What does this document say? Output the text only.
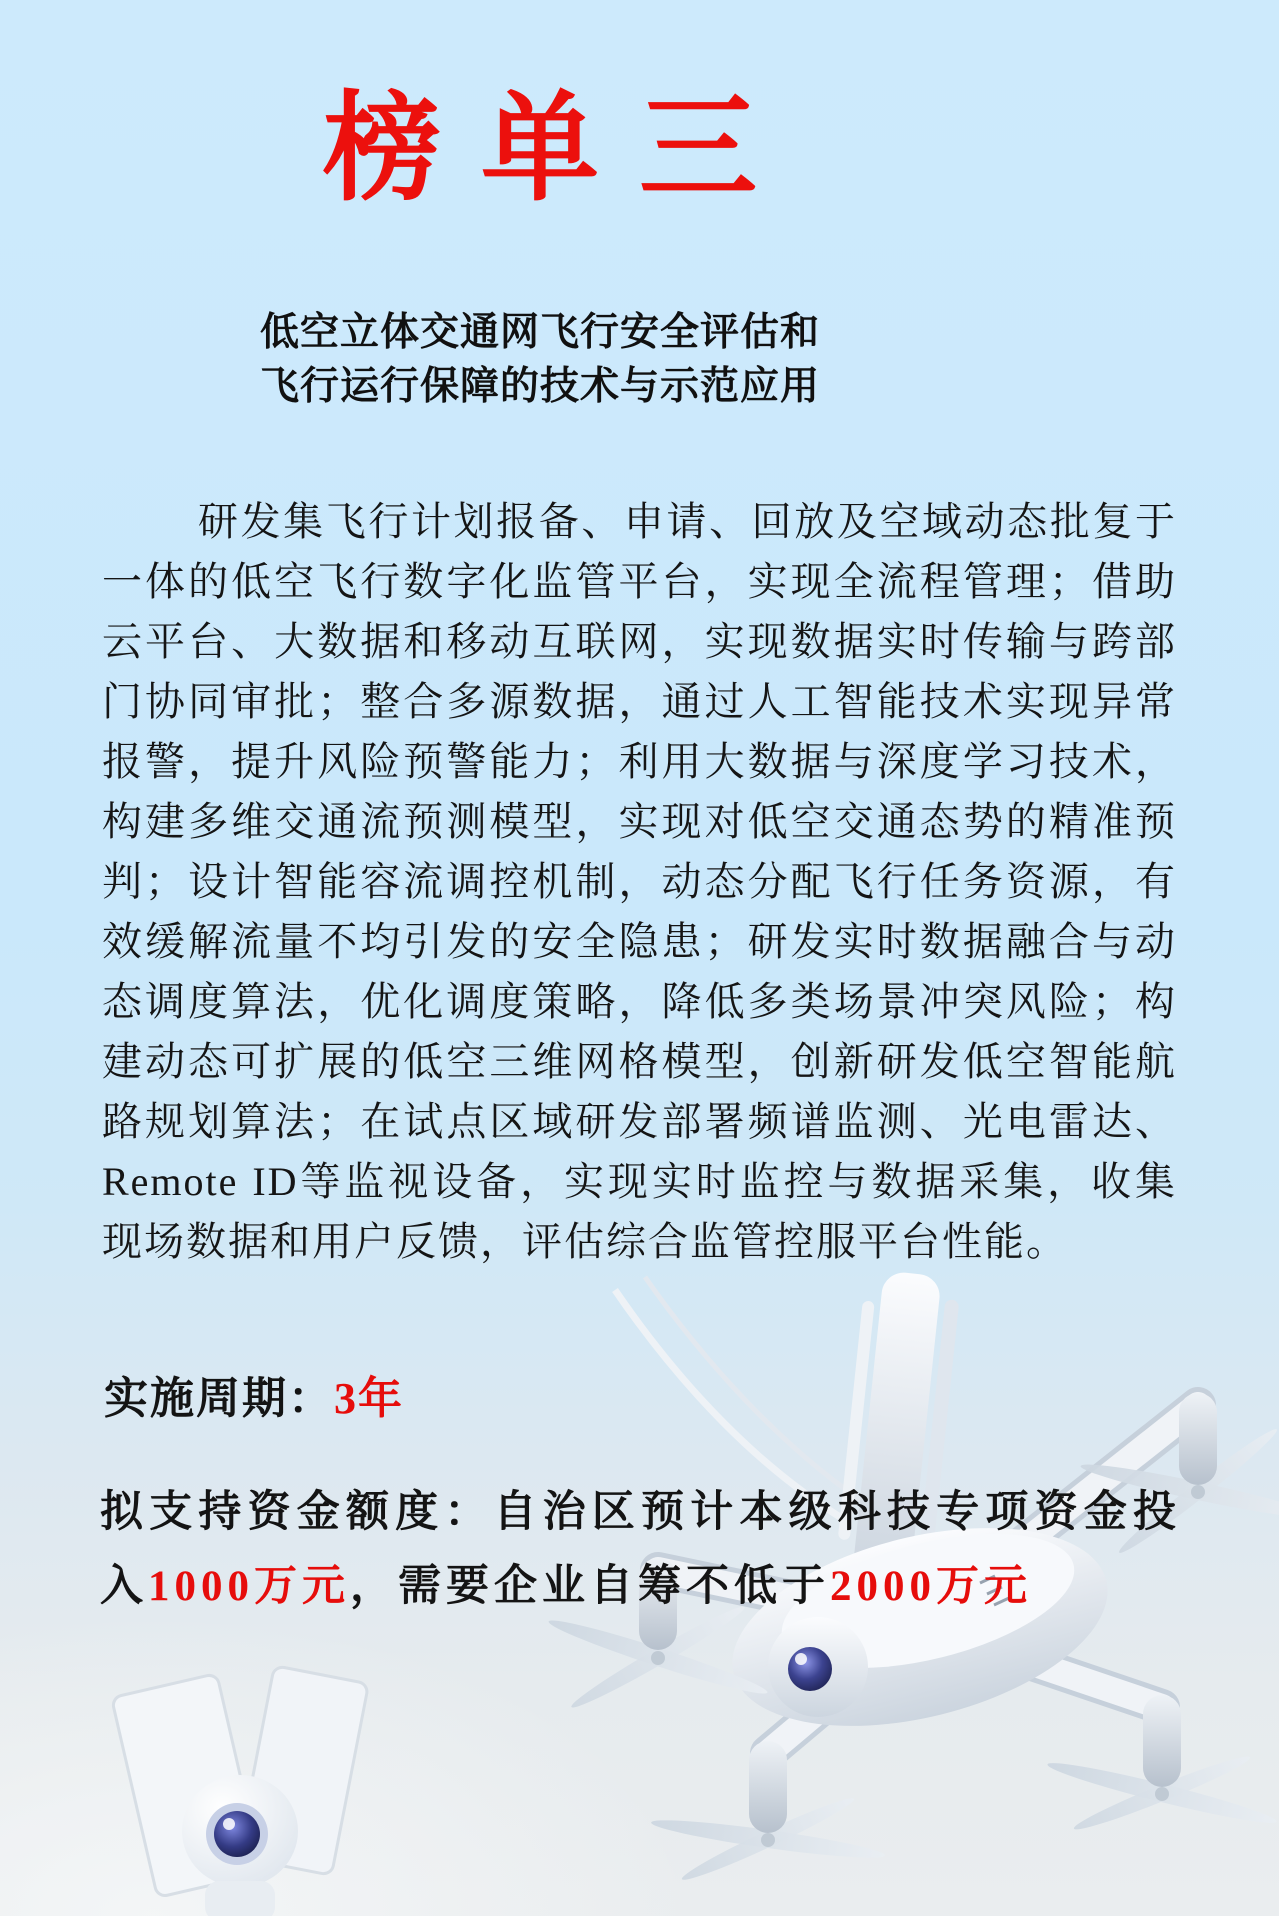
榜单三
低空立体交通网飞行安全评估和
飞行运行保障的技术与示范应用

研发集飞行计划报备、申请、回放及空域动态批复于一体的低空飞行数字化监管平台，实现全流程管理；借助云平台、大数据和移动互联网，实现数据实时传输与跨部门协同审批；整合多源数据，通过人工智能技术实现异常报警，提升风险预警能力；利用大数据与深度学习技术，构建多维交通流预测模型，实现对低空交通态势的精准预判；设计智能容流调控机制，动态分配飞行任务资源，有效缓解流量不均引发的安全隐患；研发实时数据融合与动态调度算法，优化调度策略，降低多类场景冲突风险；构建动态可扩展的低空三维网格模型，创新研发低空智能航路规划算法；在试点区域研发部署频谱监测、光电雷达、Remote ID等监视设备，实现实时监控与数据采集，收集现场数据和用户反馈，评估综合监管控服平台性能。

实施周期：3年

拟支持资金额度：自治区预计本级科技专项资金投入1000万元，需要企业自筹不低于2000万元
